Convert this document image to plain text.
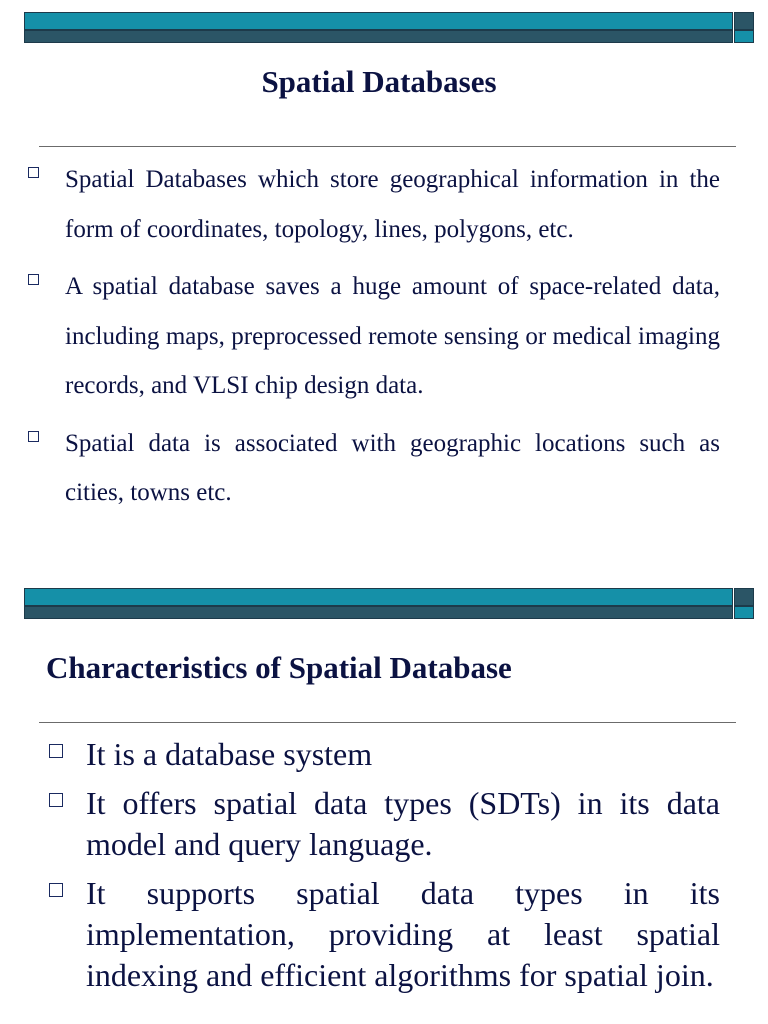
Spatial Databases
Spatial Databases which store geographical information in the form of coordinates, topology, lines, polygons, etc.
A spatial database saves a huge amount of space-related data, including maps, preprocessed remote sensing or medical imaging records, and VLSI chip design data.
Spatial data is associated with geographic locations such as cities, towns etc.
Characteristics of Spatial Database
It is a database system
It offers spatial data types (SDTs) in its data model and query language.
It supports spatial data types in its implementation, providing at least spatial indexing and efficient algorithms for spatial join.
